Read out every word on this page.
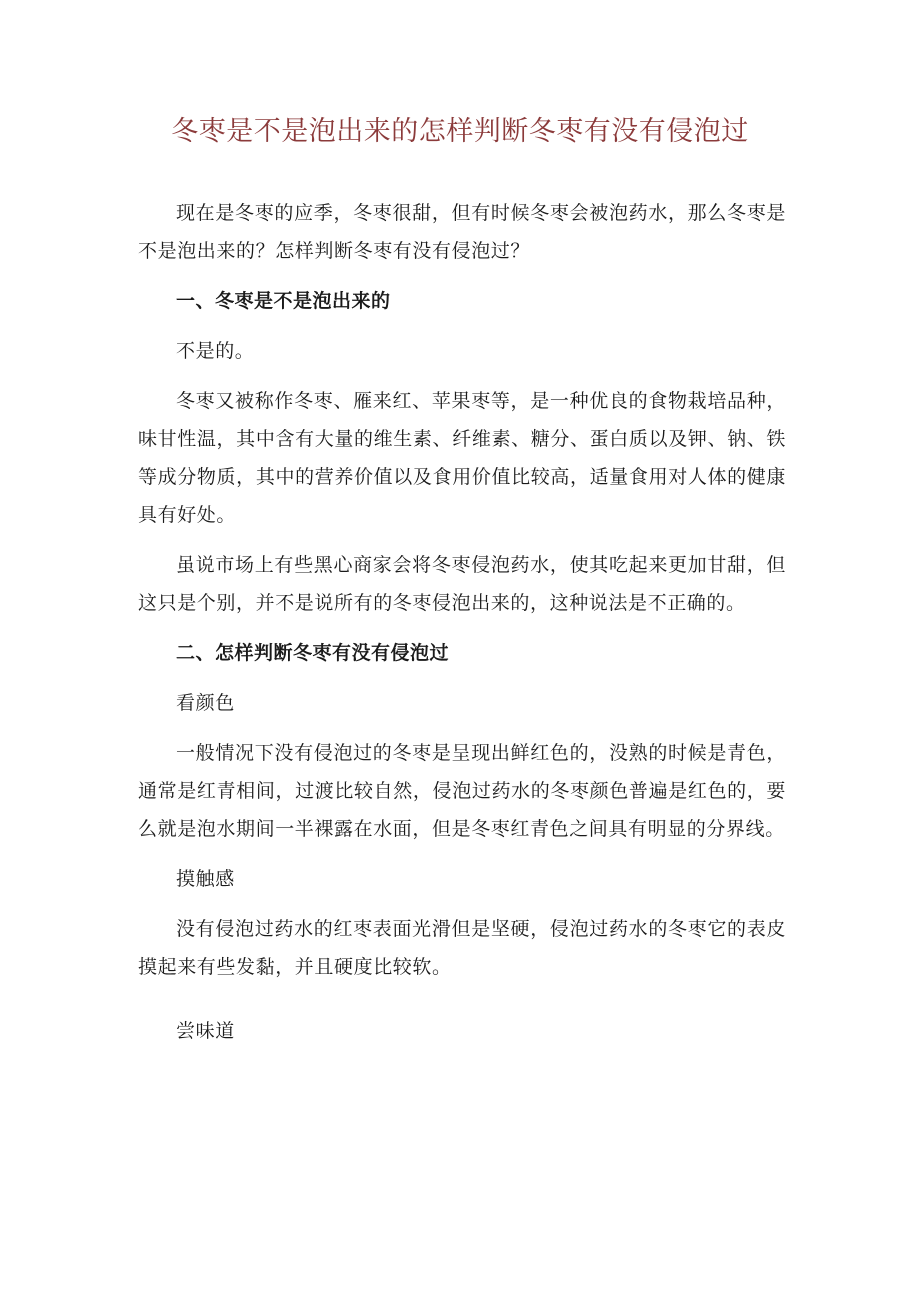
冬枣是不是泡出来的怎样判断冬枣有没有侵泡过

现在是冬枣的应季，冬枣很甜，但有时候冬枣会被泡药水，那么冬枣是不是泡出来的？怎样判断冬枣有没有侵泡过？

一、冬枣是不是泡出来的

不是的。

冬枣又被称作冬枣、雁来红、苹果枣等，是一种优良的食物栽培品种，味甘性温，其中含有大量的维生素、纤维素、糖分、蛋白质以及钾、钠、铁等成分物质，其中的营养价值以及食用价值比较高，适量食用对人体的健康具有好处。

虽说市场上有些黑心商家会将冬枣侵泡药水，使其吃起来更加甘甜，但这只是个别，并不是说所有的冬枣侵泡出来的，这种说法是不正确的。

二、怎样判断冬枣有没有侵泡过

看颜色

一般情况下没有侵泡过的冬枣是呈现出鲜红色的，没熟的时候是青色，通常是红青相间，过渡比较自然，侵泡过药水的冬枣颜色普遍是红色的，要么就是泡水期间一半裸露在水面，但是冬枣红青色之间具有明显的分界线。

摸触感

没有侵泡过药水的红枣表面光滑但是坚硬，侵泡过药水的冬枣它的表皮摸起来有些发黏，并且硬度比较软。

尝味道
